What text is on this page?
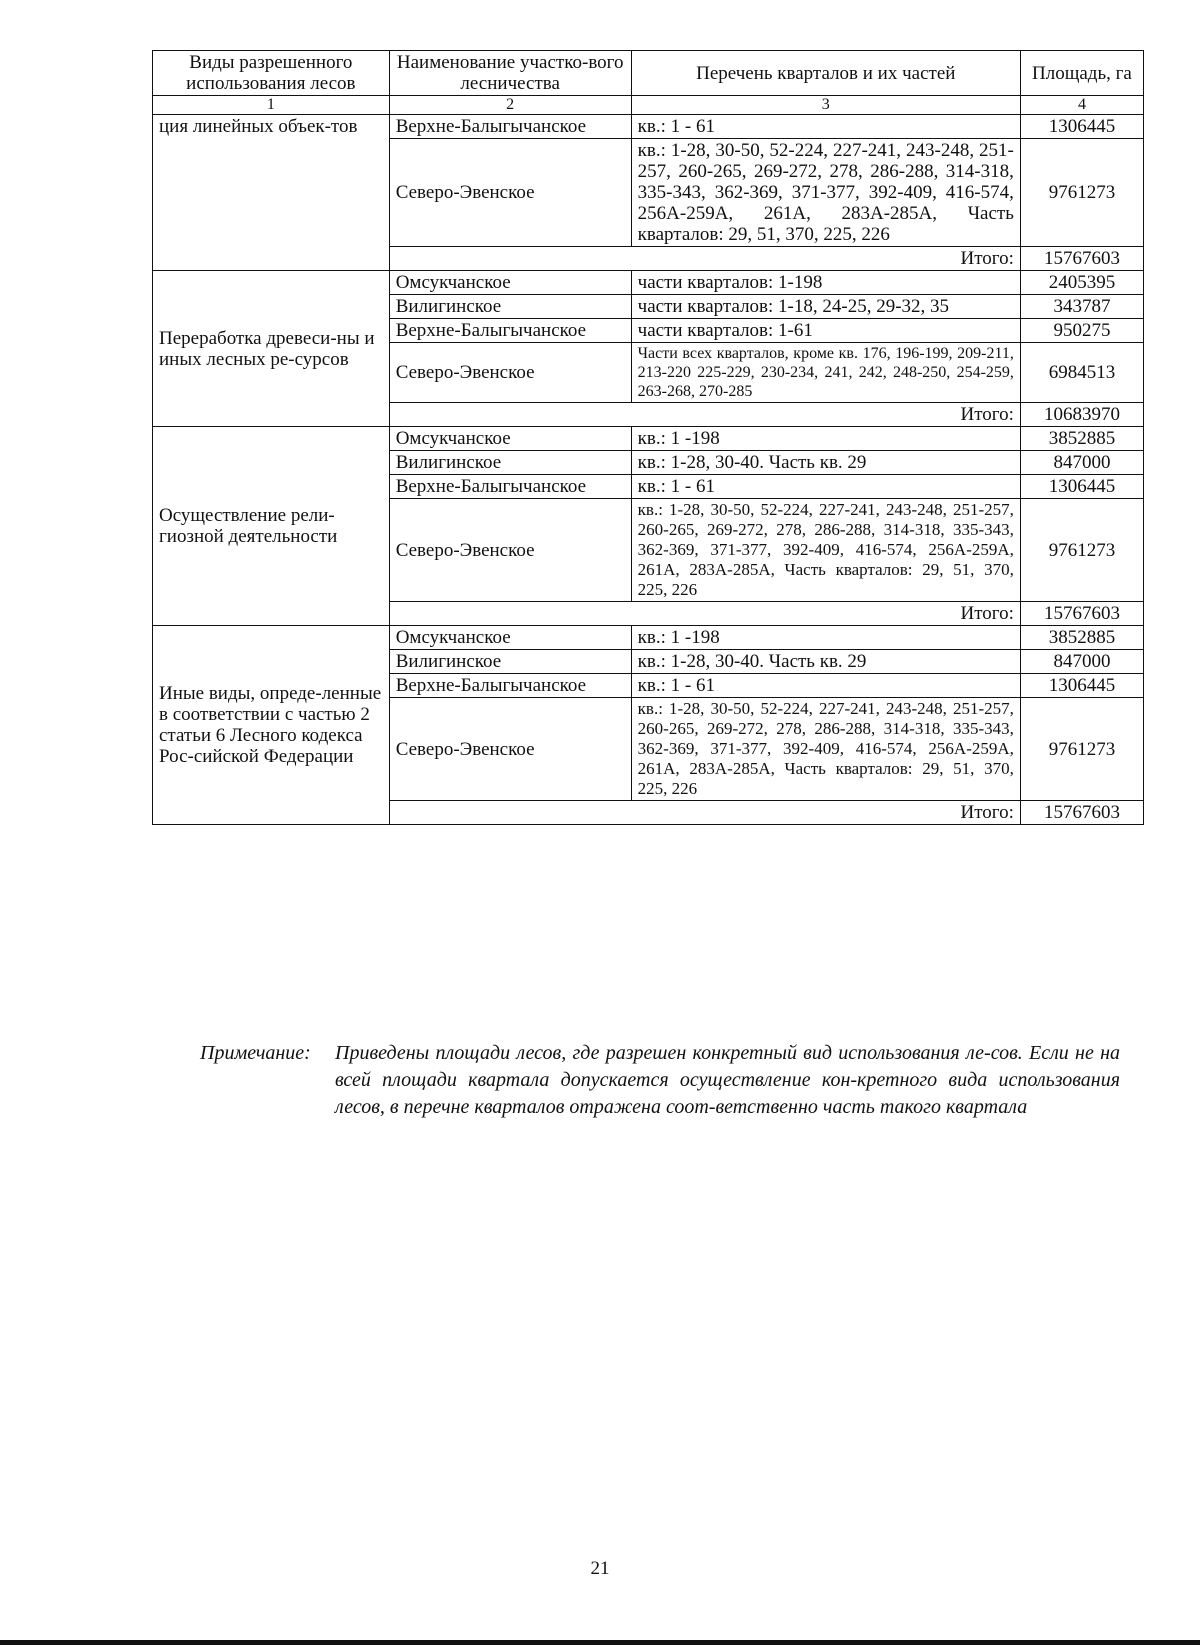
Виды разрешенного использования лесов	Наименование участко-вого лесничества	Перечень кварталов и их частей	Площадь, га
1	2	3	4
ция линейных объек-тов	Верхне-Балыгычанское	кв.: 1 - 61	1306445
	Северо-Эвенское	кв.: 1-28, 30-50, 52-224, 227-241, 243-248, 251-257, 260-265, 269-272, 278, 286-288, 314-318, 335-343, 362-369, 371-377, 392-409, 416-574, 256А-259А, 261А, 283А-285А, Часть кварталов: 29, 51, 370, 225, 226	9761273
	Итого:		15767603
Переработка древеси-ны и иных лесных ре-сурсов	Омсукчанское	части кварталов: 1-198	2405395
	Вилигинское	части кварталов: 1-18, 24-25, 29-32, 35	343787
	Верхне-Балыгычанское	части кварталов: 1-61	950275
	Северо-Эвенское	Части всех кварталов, кроме кв. 176, 196-199, 209-211, 213-220 225-229, 230-234, 241, 242, 248-250, 254-259, 263-268, 270-285	6984513
	Итого:		10683970
Осуществление рели-гиозной деятельности	Омсукчанское	кв.: 1 -198	3852885
	Вилигинское	кв.: 1-28, 30-40. Часть кв. 29	847000
	Верхне-Балыгычанское	кв.: 1 - 61	1306445
	Северо-Эвенское	кв.: 1-28, 30-50, 52-224, 227-241, 243-248, 251-257, 260-265, 269-272, 278, 286-288, 314-318, 335-343, 362-369, 371-377, 392-409, 416-574, 256А-259А, 261А, 283А-285А, Часть кварталов: 29, 51, 370, 225, 226	9761273
	Итого:		15767603
Иные виды, опреде-ленные в соответствии с частью 2 статьи 6 Лесного кодекса Рос-сийской Федерации	Омсукчанское	кв.: 1 -198	3852885
	Вилигинское	кв.: 1-28, 30-40. Часть кв. 29	847000
	Верхне-Балыгычанское	кв.: 1 - 61	1306445
	Северо-Эвенское	кв.: 1-28, 30-50, 52-224, 227-241, 243-248, 251-257, 260-265, 269-272, 278, 286-288, 314-318, 335-343, 362-369, 371-377, 392-409, 416-574, 256А-259А, 261А, 283А-285А, Часть кварталов: 29, 51, 370, 225, 226	9761273
	Итого:		15767603
Примечание:	Приведены площади лесов, где разрешен конкретный вид использования ле-сов. Если не на всей площади квартала допускается осуществление кон-кретного вида использования лесов, в перечне кварталов отражена соот-ветственно часть такого квартала
21
